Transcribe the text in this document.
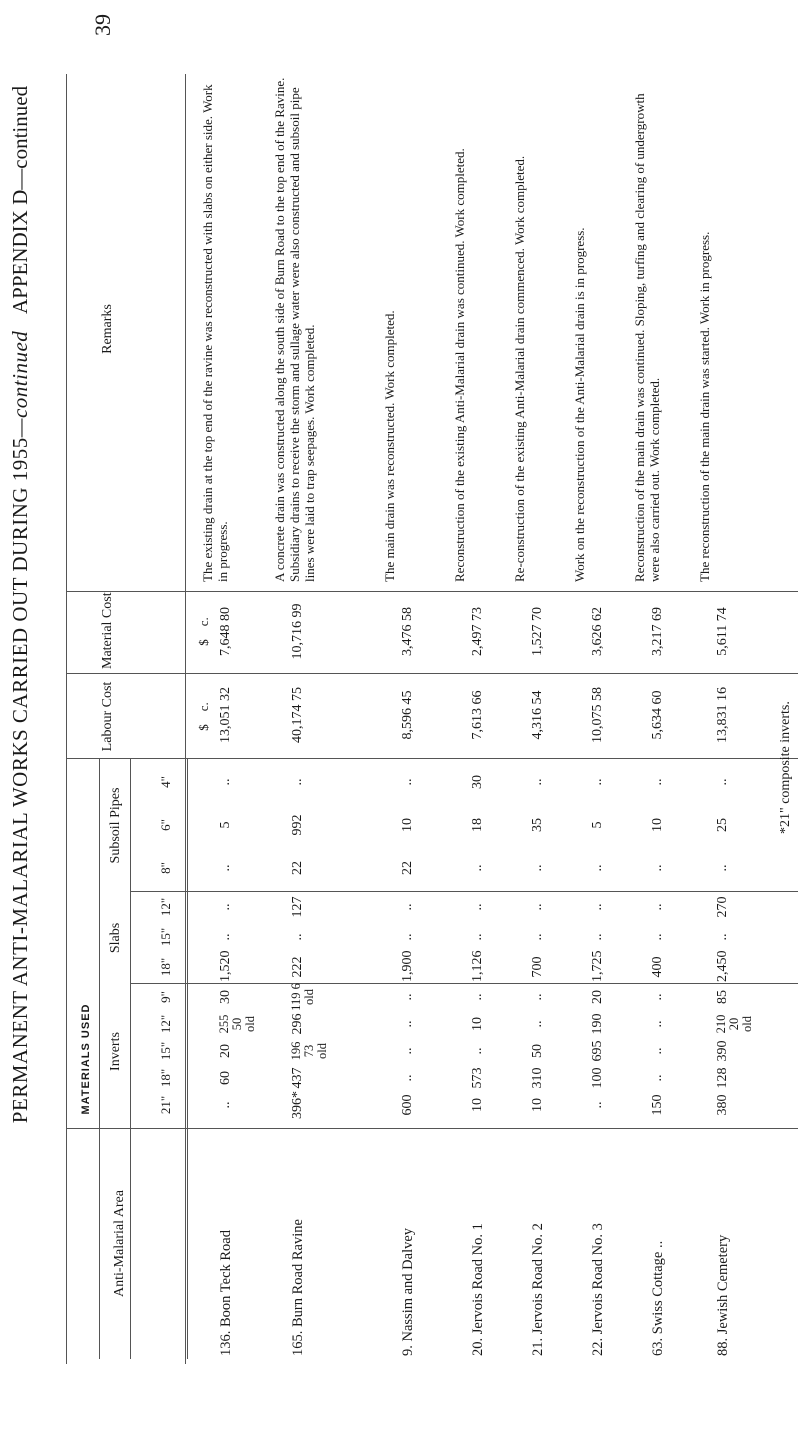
PERMANENT ANTI-MALARIAL WORKS CARRIED OUT DURING 1955—continued
APPENDIX D—continued
39
MATERIALS USED Inverts
Slabs
Subsoil Pipes
Anti-Malarial Area
Labour Cost
Material Cost
Remarks
21"
18"
15"
12"
9"
18"
15"
12"
8"
6"
4"
$    c.
$    c.
136. Boon Teck Road
..
60
20
255 50 old
30
1,520
..
..
..
5
..
13,051 32
7,648 80
The existing drain at the top end of the ravine was reconstructed with slabs on either side. Work in progress.
165. Burn Road Ravine
396*
437
196 73 old
296
119 6 old
222
..
127
22
992
..
40,174 75
10,716 99
A concrete drain was constructed along the south side of Burn Road to the top end of the Ravine. Subsidiary drains to receive the storm and sullage water were also constructed and subsoil pipe lines were laid to trap seepages. Work completed.
9. Nassim and Dalvey
600
..
..
..
..
1,900
..
..
22
10
..
8,596 45
3,476 58
The main drain was reconstructed. Work completed.
20. Jervois Road No. 1
10
573
..
10
..
1,126
..
..
..
18
30
7,613 66
2,497 73
Reconstruction of the existing Anti-Malarial drain was continued. Work completed.
21. Jervois Road No. 2
10
310
50
..
..
700
..
..
..
35
..
4,316 54
1,527 70
Re-construction of the existing Anti-Malarial drain commenced. Work completed.
22. Jervois Road No. 3
..
100
695
190
20
1,725
..
..
..
5
..
10,075 58
3,626 62
Work on the reconstruction of the Anti-Malarial drain is in progress.
63. Swiss Cottage ..
150
..
..
..
..
400
..
..
..
10
..
5,634 60
3,217 69
Reconstruction of the main drain was continued. Sloping, turfing and clearing of undergrowth were also carried out. Work completed.
88. Jewish Cemetery
380
128
390
210 20 old
85
2,450
..
270
..
25
..
13,831 16
5,611 74
The reconstruction of the main drain was started. Work in progress.
*21" composite inverts.
